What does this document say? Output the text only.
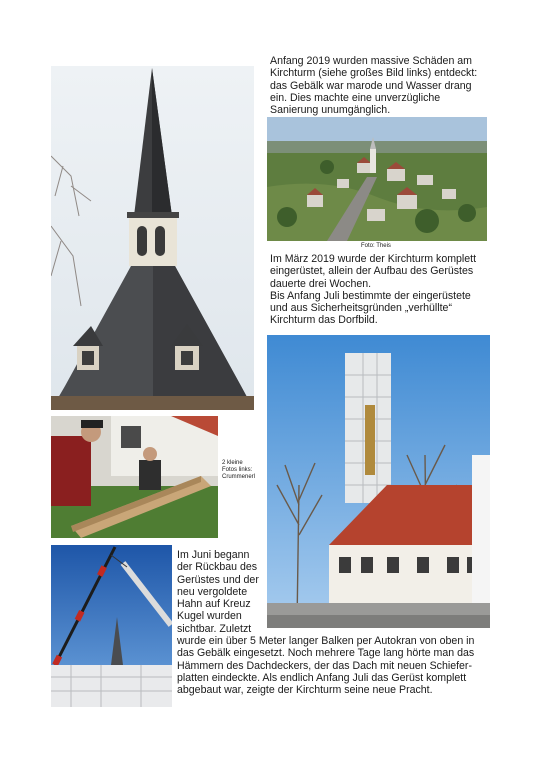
Anfang 2019 wurden massive Schäden am
Kirchturm (siehe großes Bild links) entdeckt:
das Gebälk war marode und Wasser drang
ein. Dies machte eine unverzügliche
Sanierung unumgänglich.
Foto: Theis
Im März 2019 wurde der Kirchturm komplett
eingerüstet, allein der Aufbau des Gerüstes
dauerte drei Wochen.
Bis Anfang Juli bestimmte der eingerüstete
und aus Sicherheitsgründen „verhüllte“
Kirchturm das Dorfbild.
2 kleine
Fotos links:
Crummenerl
Im Juni begann
der Rückbau des
Gerüstes und der
neu vergoldete
Hahn auf Kreuz
Kugel wurden
sichtbar. Zuletzt
wurde ein über 5 Meter langer Balken per Autokran von oben in
das Gebälk eingesetzt. Noch mehrere Tage lang hörte man das
Hämmern des Dachdeckers, der das Dach mit neuen Schiefer-
platten eindeckte. Als endlich Anfang Juli das Gerüst komplett
abgebaut war, zeigte der Kirchturm seine neue Pracht.
